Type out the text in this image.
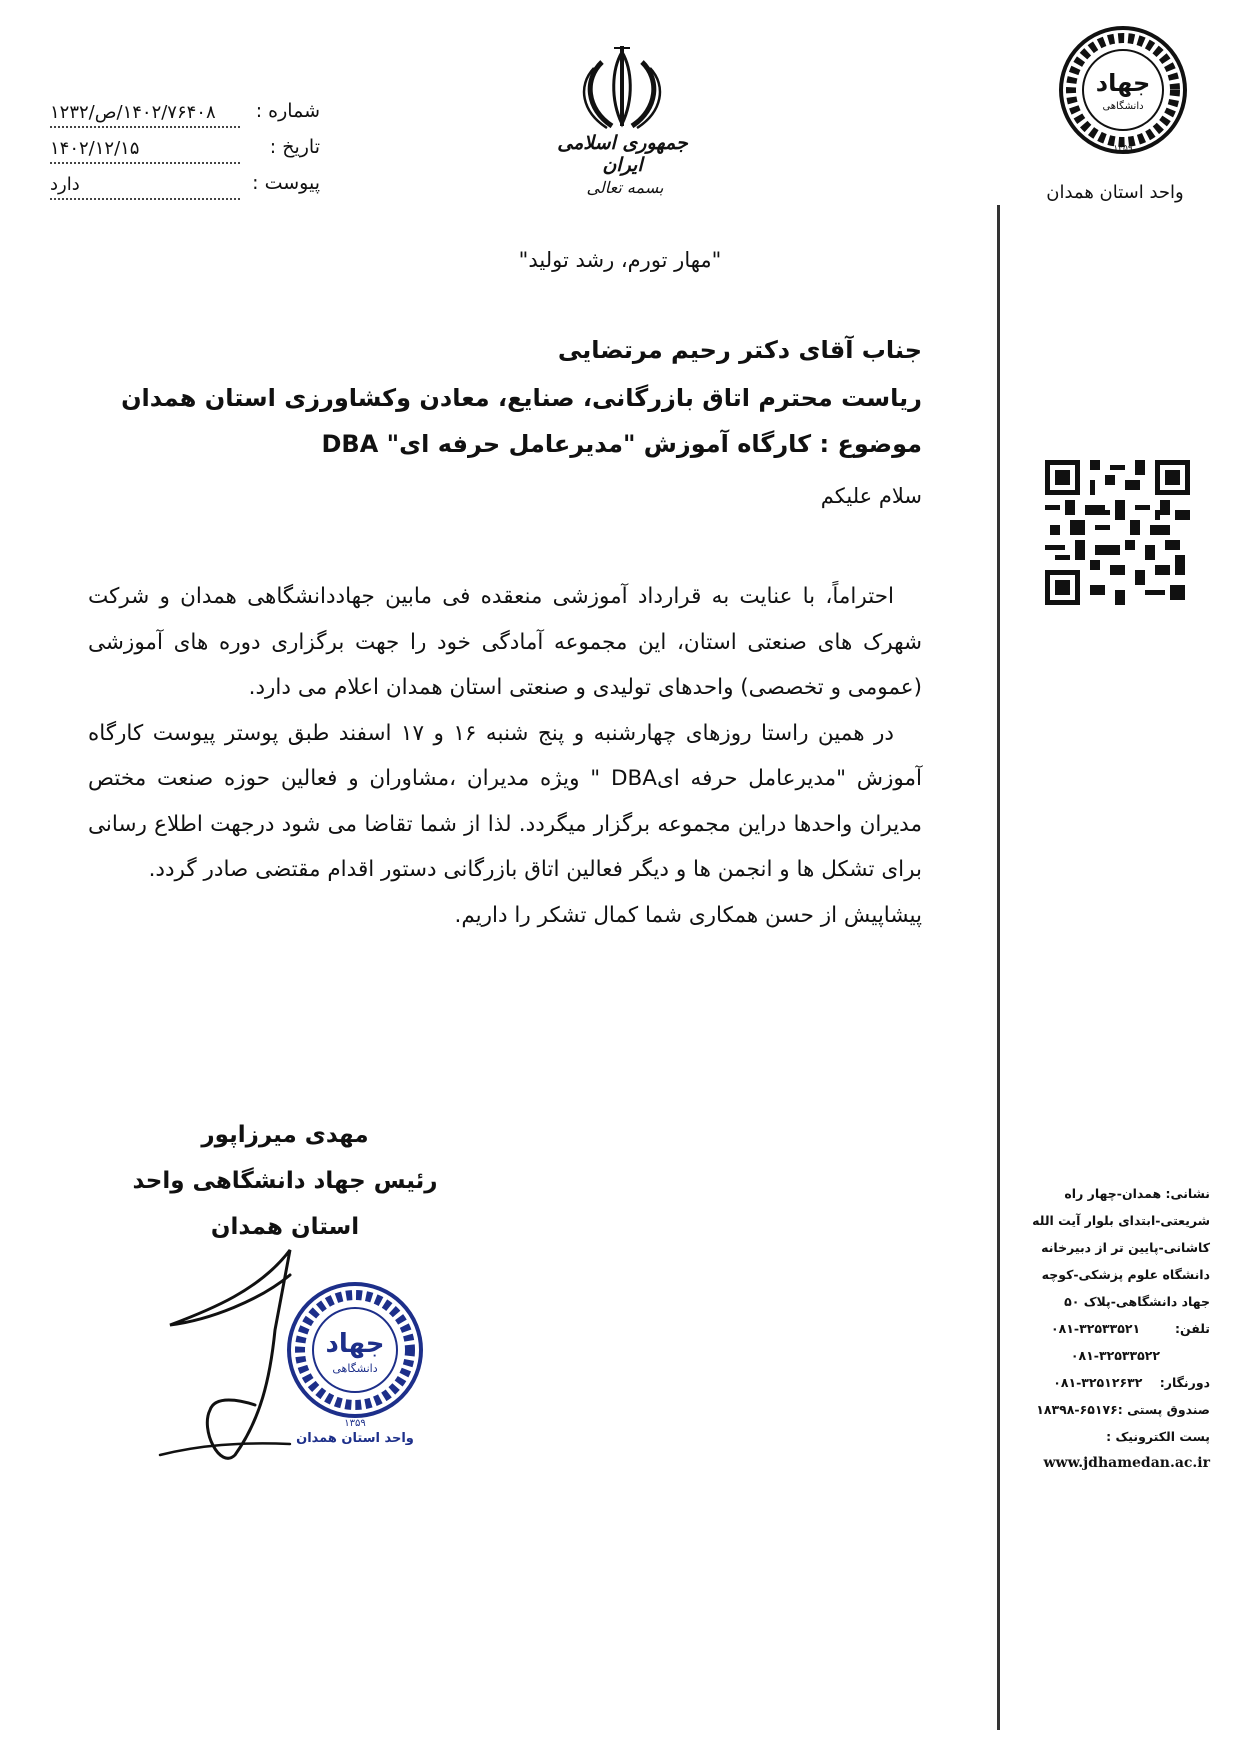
شماره :
۱۴۰۲/۷۶۴۰۸/ص/۱۲۳۲
تاریخ :
۱۴۰۲/۱۲/۱۵
پیوست :
دارد
جمهوری اسلامی ایران
بسمه تعالی
"مهار تورم، رشد تولید"
جهاد
دانشگاهی
۱۳۵۹
واحد استان همدان
نشانی: همدان-چهار راه
شریعتی-ابتدای بلوار آیت الله
کاشانی-پایین تر از دبیرخانه
دانشگاه علوم پزشکی-کوچه
جهاد دانشگاهی-پلاک ۵۰
تلفن:        ۰۸۱-۳۲۵۳۳۵۲۱
۰۸۱-۳۲۵۳۳۵۲۲
دورنگار:    ۰۸۱-۳۲۵۱۲۶۳۲
صندوق پستی :۶۵۱۷۶-۱۸۳۹۸
پست الکترونیک :
www.jdhamedan.ac.ir
جناب آقای دکتر رحیم مرتضایی
ریاست محترم اتاق بازرگانی، صنایع، معادن وکشاورزی استان همدان
موضوع : کارگاه آموزش "مدیرعامل حرفه ای" DBA
سلام علیکم

احتراماً، با عنایت به قرارداد آموزشی منعقده فی مابین جهاددانشگاهی همدان و شرکت شهرک های صنعتی استان، این مجموعه آمادگی خود را جهت برگزاری دوره های آموزشی (عمومی و تخصصی) واحدهای تولیدی و صنعتی استان همدان اعلام می دارد.

در همین راستا روزهای چهارشنبه و پنج شنبه ۱۶ و ۱۷ اسفند طبق پوستر پیوست کارگاه آموزش "مدیرعامل حرفه ایDBA " ویژه مدیران ،مشاوران و فعالین حوزه صنعت مختص مدیران واحدها دراین مجموعه برگزار میگردد. لذا از شما تقاضا می شود درجهت اطلاع رسانی برای تشکل ها و انجمن ها و دیگر فعالین اتاق بازرگانی دستور اقدام مقتضی صادر گردد.

پیشاپیش از حسن همکاری شما کمال تشکر را داریم.

مهدی میرزاپور
رئیس جهاد دانشگاهی واحد استان همدان
جهاد
دانشگاهی
۱۳۵۹
واحد استان همدان
